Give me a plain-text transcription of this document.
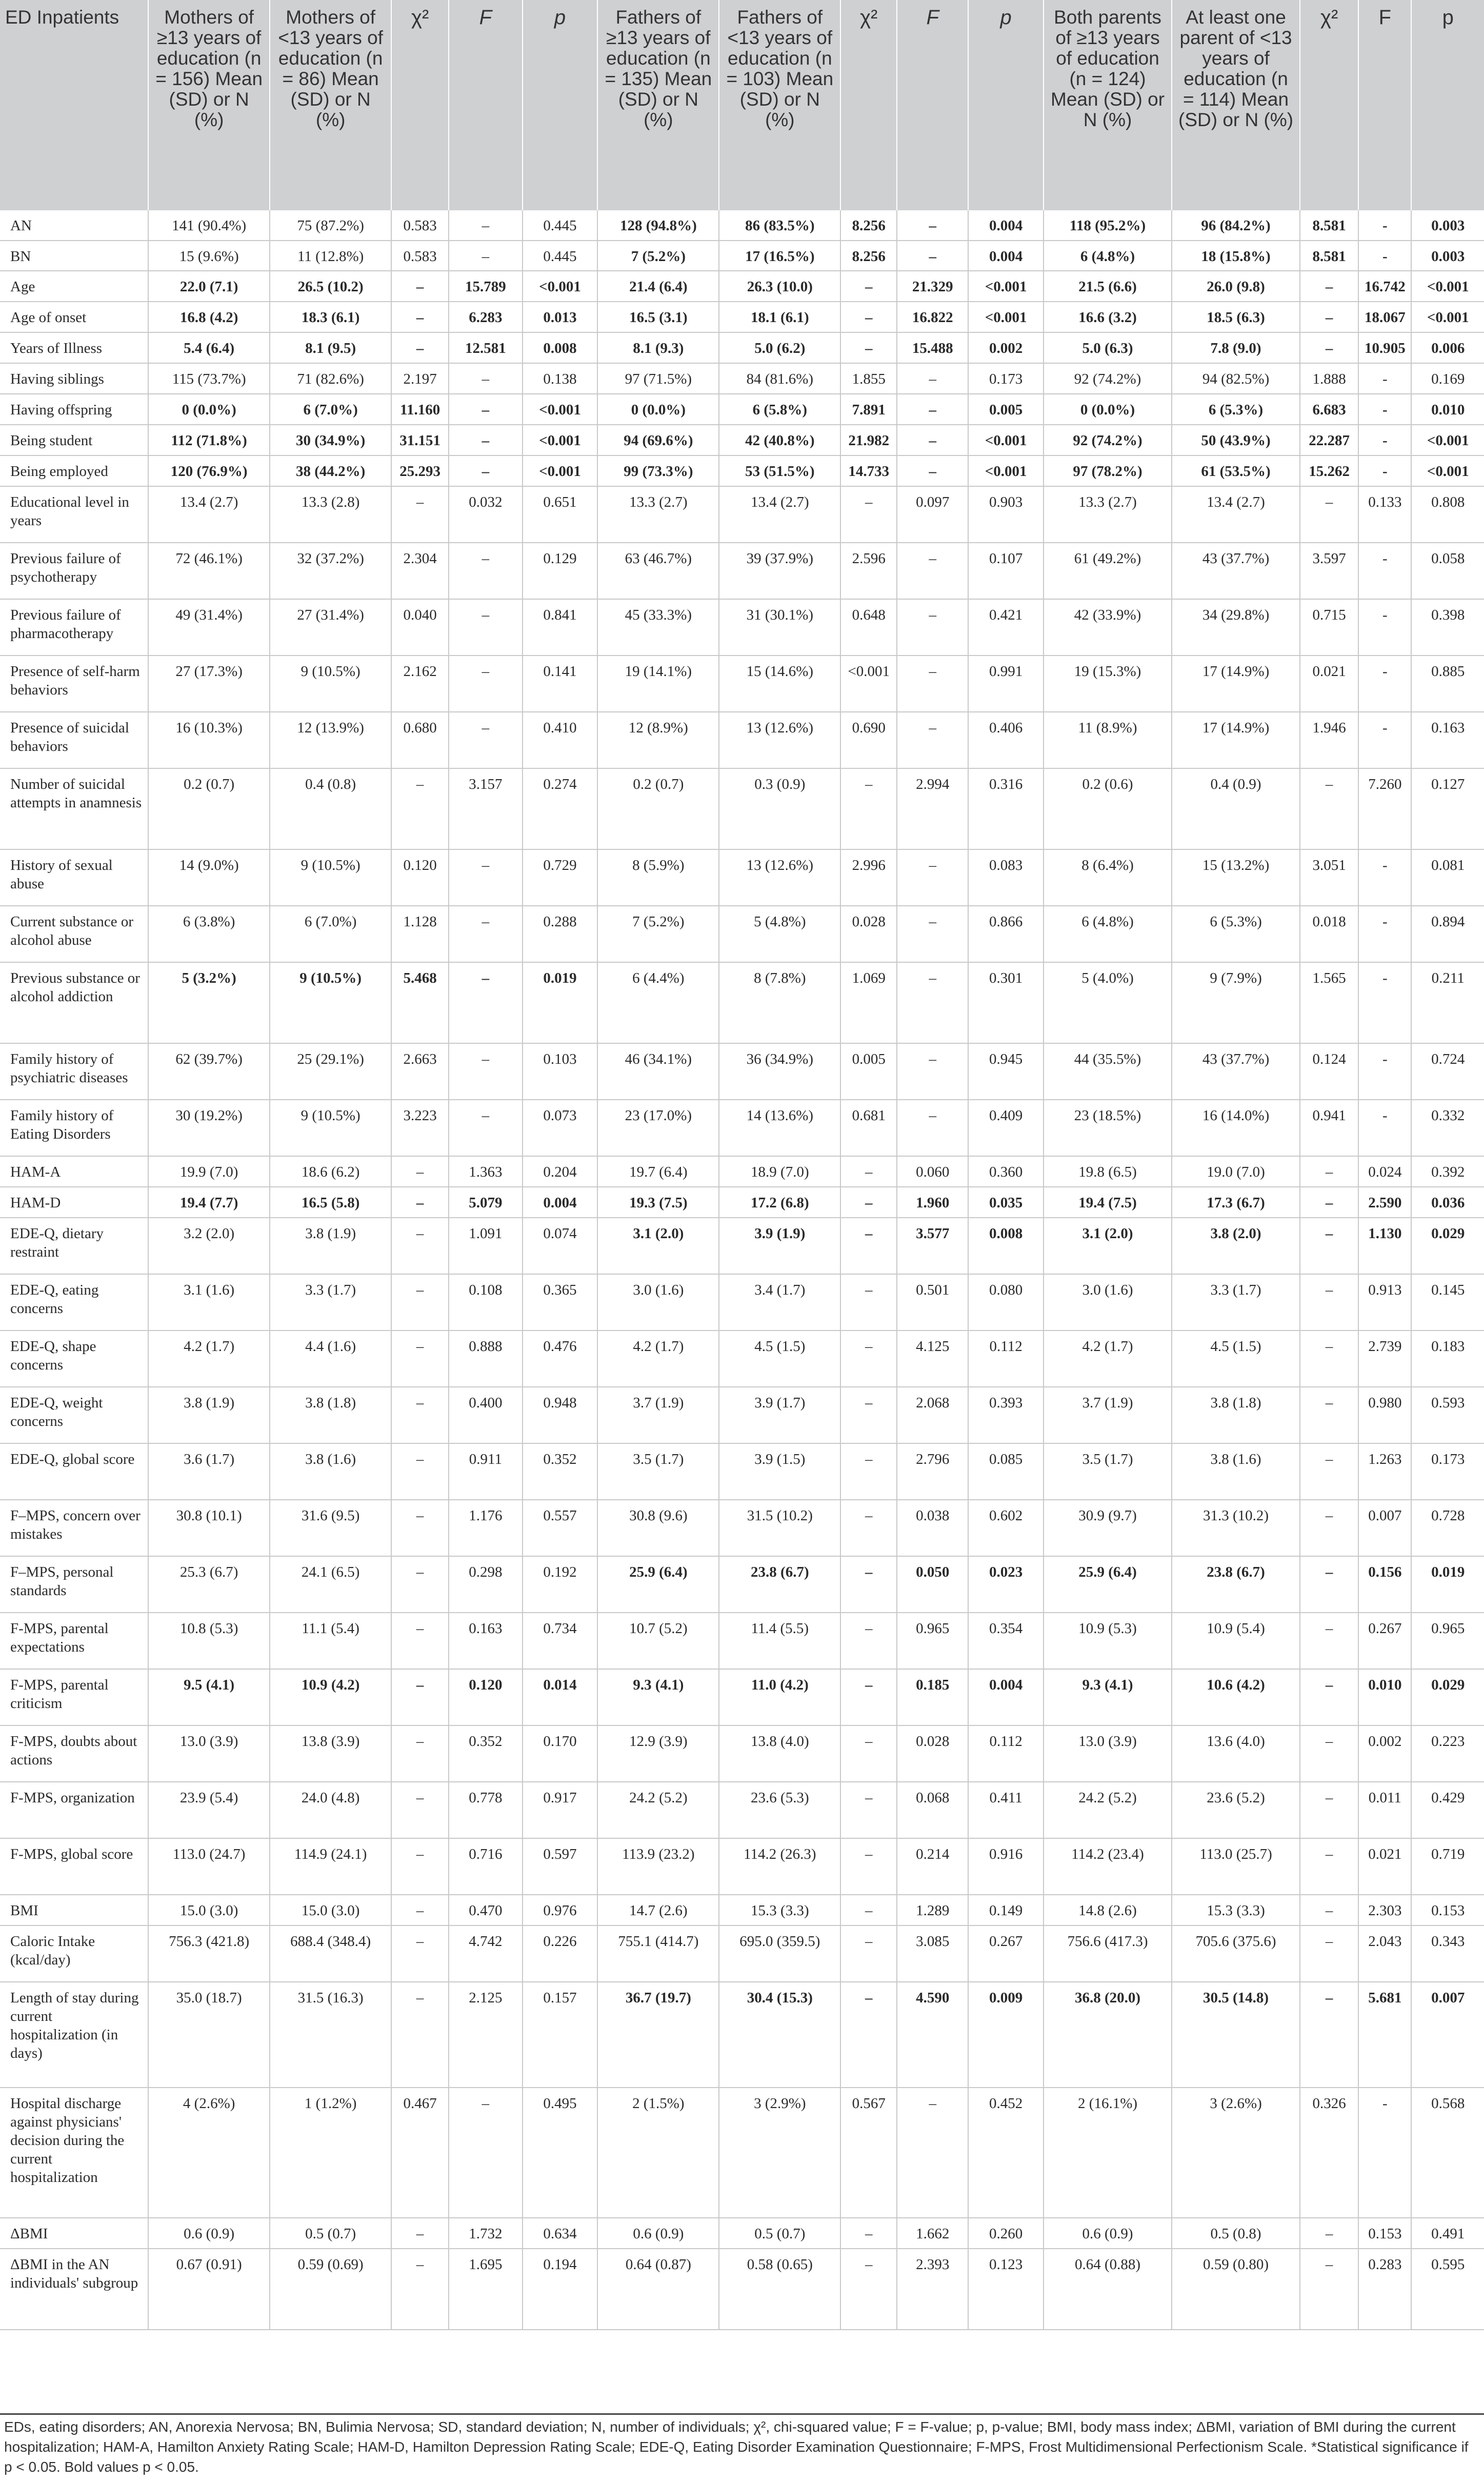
ED Inpatients	Mothers of ≥13 years of education (n = 156) Mean (SD) or N (%)	Mothers of <13 years of education (n = 86) Mean (SD) or N (%)	χ²	F	p	Fathers of ≥13 years of education (n = 135) Mean (SD) or N (%)	Fathers of <13 years of education (n = 103) Mean (SD) or N (%)	χ²	F	p	Both parents of ≥13 years of education (n = 124) Mean (SD) or N (%)	At least one parent of <13 years of education (n = 114) Mean (SD) or N (%)	χ²	F	p
AN	141 (90.4%)	75 (87.2%)	0.583	–	0.445	128 (94.8%)	86 (83.5%)	8.256	–	0.004	118 (95.2%)	96 (84.2%)	8.581	-	0.003
BN	15 (9.6%)	11 (12.8%)	0.583	–	0.445	7 (5.2%)	17 (16.5%)	8.256	–	0.004	6 (4.8%)	18 (15.8%)	8.581	-	0.003
Age	22.0 (7.1)	26.5 (10.2)	–	15.789	<0.001	21.4 (6.4)	26.3 (10.0)	–	21.329	<0.001	21.5 (6.6)	26.0 (9.8)	–	16.742	<0.001
Age of onset	16.8 (4.2)	18.3 (6.1)	–	6.283	0.013	16.5 (3.1)	18.1 (6.1)	–	16.822	<0.001	16.6 (3.2)	18.5 (6.3)	–	18.067	<0.001
Years of Illness	5.4 (6.4)	8.1 (9.5)	–	12.581	0.008	8.1 (9.3)	5.0 (6.2)	–	15.488	0.002	5.0 (6.3)	7.8 (9.0)	–	10.905	0.006
Having siblings	115 (73.7%)	71 (82.6%)	2.197	–	0.138	97 (71.5%)	84 (81.6%)	1.855	–	0.173	92 (74.2%)	94 (82.5%)	1.888	-	0.169
Having offspring	0 (0.0%)	6 (7.0%)	11.160	–	<0.001	0 (0.0%)	6 (5.8%)	7.891	–	0.005	0 (0.0%)	6 (5.3%)	6.683	-	0.010
Being student	112 (71.8%)	30 (34.9%)	31.151	–	<0.001	94 (69.6%)	42 (40.8%)	21.982	–	<0.001	92 (74.2%)	50 (43.9%)	22.287	-	<0.001
Being employed	120 (76.9%)	38 (44.2%)	25.293	–	<0.001	99 (73.3%)	53 (51.5%)	14.733	–	<0.001	97 (78.2%)	61 (53.5%)	15.262	-	<0.001
Educational level in years	13.4 (2.7)	13.3 (2.8)	–	0.032	0.651	13.3 (2.7)	13.4 (2.7)	–	0.097	0.903	13.3 (2.7)	13.4 (2.7)	–	0.133	0.808
Previous failure of psychotherapy	72 (46.1%)	32 (37.2%)	2.304	–	0.129	63 (46.7%)	39 (37.9%)	2.596	–	0.107	61 (49.2%)	43 (37.7%)	3.597	-	0.058
Previous failure of pharmacotherapy	49 (31.4%)	27 (31.4%)	0.040	–	0.841	45 (33.3%)	31 (30.1%)	0.648	–	0.421	42 (33.9%)	34 (29.8%)	0.715	-	0.398
Presence of self-harm behaviors	27 (17.3%)	9 (10.5%)	2.162	–	0.141	19 (14.1%)	15 (14.6%)	<0.001	–	0.991	19 (15.3%)	17 (14.9%)	0.021	-	0.885
Presence of suicidal behaviors	16 (10.3%)	12 (13.9%)	0.680	–	0.410	12 (8.9%)	13 (12.6%)	0.690	–	0.406	11 (8.9%)	17 (14.9%)	1.946	-	0.163
Number of suicidal attempts in anamnesis	0.2 (0.7)	0.4 (0.8)	–	3.157	0.274	0.2 (0.7)	0.3 (0.9)	–	2.994	0.316	0.2 (0.6)	0.4 (0.9)	–	7.260	0.127
History of sexual abuse	14 (9.0%)	9 (10.5%)	0.120	–	0.729	8 (5.9%)	13 (12.6%)	2.996	–	0.083	8 (6.4%)	15 (13.2%)	3.051	-	0.081
Current substance or alcohol abuse	6 (3.8%)	6 (7.0%)	1.128	–	0.288	7 (5.2%)	5 (4.8%)	0.028	–	0.866	6 (4.8%)	6 (5.3%)	0.018	-	0.894
Previous substance or alcohol addiction	5 (3.2%)	9 (10.5%)	5.468	–	0.019	6 (4.4%)	8 (7.8%)	1.069	–	0.301	5 (4.0%)	9 (7.9%)	1.565	-	0.211
Family history of psychiatric diseases	62 (39.7%)	25 (29.1%)	2.663	–	0.103	46 (34.1%)	36 (34.9%)	0.005	–	0.945	44 (35.5%)	43 (37.7%)	0.124	-	0.724
Family history of Eating Disorders	30 (19.2%)	9 (10.5%)	3.223	–	0.073	23 (17.0%)	14 (13.6%)	0.681	–	0.409	23 (18.5%)	16 (14.0%)	0.941	-	0.332
HAM-A	19.9 (7.0)	18.6 (6.2)	–	1.363	0.204	19.7 (6.4)	18.9 (7.0)	–	0.060	0.360	19.8 (6.5)	19.0 (7.0)	–	0.024	0.392
HAM-D	19.4 (7.7)	16.5 (5.8)	–	5.079	0.004	19.3 (7.5)	17.2 (6.8)	–	1.960	0.035	19.4 (7.5)	17.3 (6.7)	–	2.590	0.036
EDE-Q, dietary restraint	3.2 (2.0)	3.8 (1.9)	–	1.091	0.074	3.1 (2.0)	3.9 (1.9)	–	3.577	0.008	3.1 (2.0)	3.8 (2.0)	–	1.130	0.029
EDE-Q, eating concerns	3.1 (1.6)	3.3 (1.7)	–	0.108	0.365	3.0 (1.6)	3.4 (1.7)	–	0.501	0.080	3.0 (1.6)	3.3 (1.7)	–	0.913	0.145
EDE-Q, shape concerns	4.2 (1.7)	4.4 (1.6)	–	0.888	0.476	4.2 (1.7)	4.5 (1.5)	–	4.125	0.112	4.2 (1.7)	4.5 (1.5)	–	2.739	0.183
EDE-Q, weight concerns	3.8 (1.9)	3.8 (1.8)	–	0.400	0.948	3.7 (1.9)	3.9 (1.7)	–	2.068	0.393	3.7 (1.9)	3.8 (1.8)	–	0.980	0.593
EDE-Q, global score	3.6 (1.7)	3.8 (1.6)	–	0.911	0.352	3.5 (1.7)	3.9 (1.5)	–	2.796	0.085	3.5 (1.7)	3.8 (1.6)	–	1.263	0.173
F–MPS, concern over mistakes	30.8 (10.1)	31.6 (9.5)	–	1.176	0.557	30.8 (9.6)	31.5 (10.2)	–	0.038	0.602	30.9 (9.7)	31.3 (10.2)	–	0.007	0.728
F–MPS, personal standards	25.3 (6.7)	24.1 (6.5)	–	0.298	0.192	25.9 (6.4)	23.8 (6.7)	–	0.050	0.023	25.9 (6.4)	23.8 (6.7)	–	0.156	0.019
F-MPS, parental expectations	10.8 (5.3)	11.1 (5.4)	–	0.163	0.734	10.7 (5.2)	11.4 (5.5)	–	0.965	0.354	10.9 (5.3)	10.9 (5.4)	–	0.267	0.965
F-MPS, parental criticism	9.5 (4.1)	10.9 (4.2)	–	0.120	0.014	9.3 (4.1)	11.0 (4.2)	–	0.185	0.004	9.3 (4.1)	10.6 (4.2)	–	0.010	0.029
F-MPS, doubts about actions	13.0 (3.9)	13.8 (3.9)	–	0.352	0.170	12.9 (3.9)	13.8 (4.0)	–	0.028	0.112	13.0 (3.9)	13.6 (4.0)	–	0.002	0.223
F-MPS, organization	23.9 (5.4)	24.0 (4.8)	–	0.778	0.917	24.2 (5.2)	23.6 (5.3)	–	0.068	0.411	24.2 (5.2)	23.6 (5.2)	–	0.011	0.429
F-MPS, global score	113.0 (24.7)	114.9 (24.1)	–	0.716	0.597	113.9 (23.2)	114.2 (26.3)	–	0.214	0.916	114.2 (23.4)	113.0 (25.7)	–	0.021	0.719
BMI	15.0 (3.0)	15.0 (3.0)	–	0.470	0.976	14.7 (2.6)	15.3 (3.3)	–	1.289	0.149	14.8 (2.6)	15.3 (3.3)	–	2.303	0.153
Caloric Intake (kcal/day)	756.3 (421.8)	688.4 (348.4)	–	4.742	0.226	755.1 (414.7)	695.0 (359.5)	–	3.085	0.267	756.6 (417.3)	705.6 (375.6)	–	2.043	0.343
Length of stay during current hospitalization (in days)	35.0 (18.7)	31.5 (16.3)	–	2.125	0.157	36.7 (19.7)	30.4 (15.3)	–	4.590	0.009	36.8 (20.0)	30.5 (14.8)	–	5.681	0.007
Hospital discharge against physicians' decision during the current hospitalization	4 (2.6%)	1 (1.2%)	0.467	–	0.495	2 (1.5%)	3 (2.9%)	0.567	–	0.452	2 (16.1%)	3 (2.6%)	0.326	-	0.568
ΔBMI	0.6 (0.9)	0.5 (0.7)	–	1.732	0.634	0.6 (0.9)	0.5 (0.7)	–	1.662	0.260	0.6 (0.9)	0.5 (0.8)	–	0.153	0.491
ΔBMI in the AN individuals' subgroup	0.67 (0.91)	0.59 (0.69)	–	1.695	0.194	0.64 (0.87)	0.58 (0.65)	–	2.393	0.123	0.64 (0.88)	0.59 (0.80)	–	0.283	0.595
EDs, eating disorders; AN, Anorexia Nervosa; BN, Bulimia Nervosa; SD, standard deviation; N, number of individuals; χ², chi-squared value; F = F-value; p, p-value; BMI, body mass index; ΔBMI, variation of BMI during the current hospitalization; HAM-A, Hamilton Anxiety Rating Scale; HAM-D, Hamilton Depression Rating Scale; EDE-Q, Eating Disorder Examination Questionnaire; F-MPS, Frost Multidimensional Perfectionism Scale. *Statistical significance if p < 0.05. Bold values p < 0.05.
